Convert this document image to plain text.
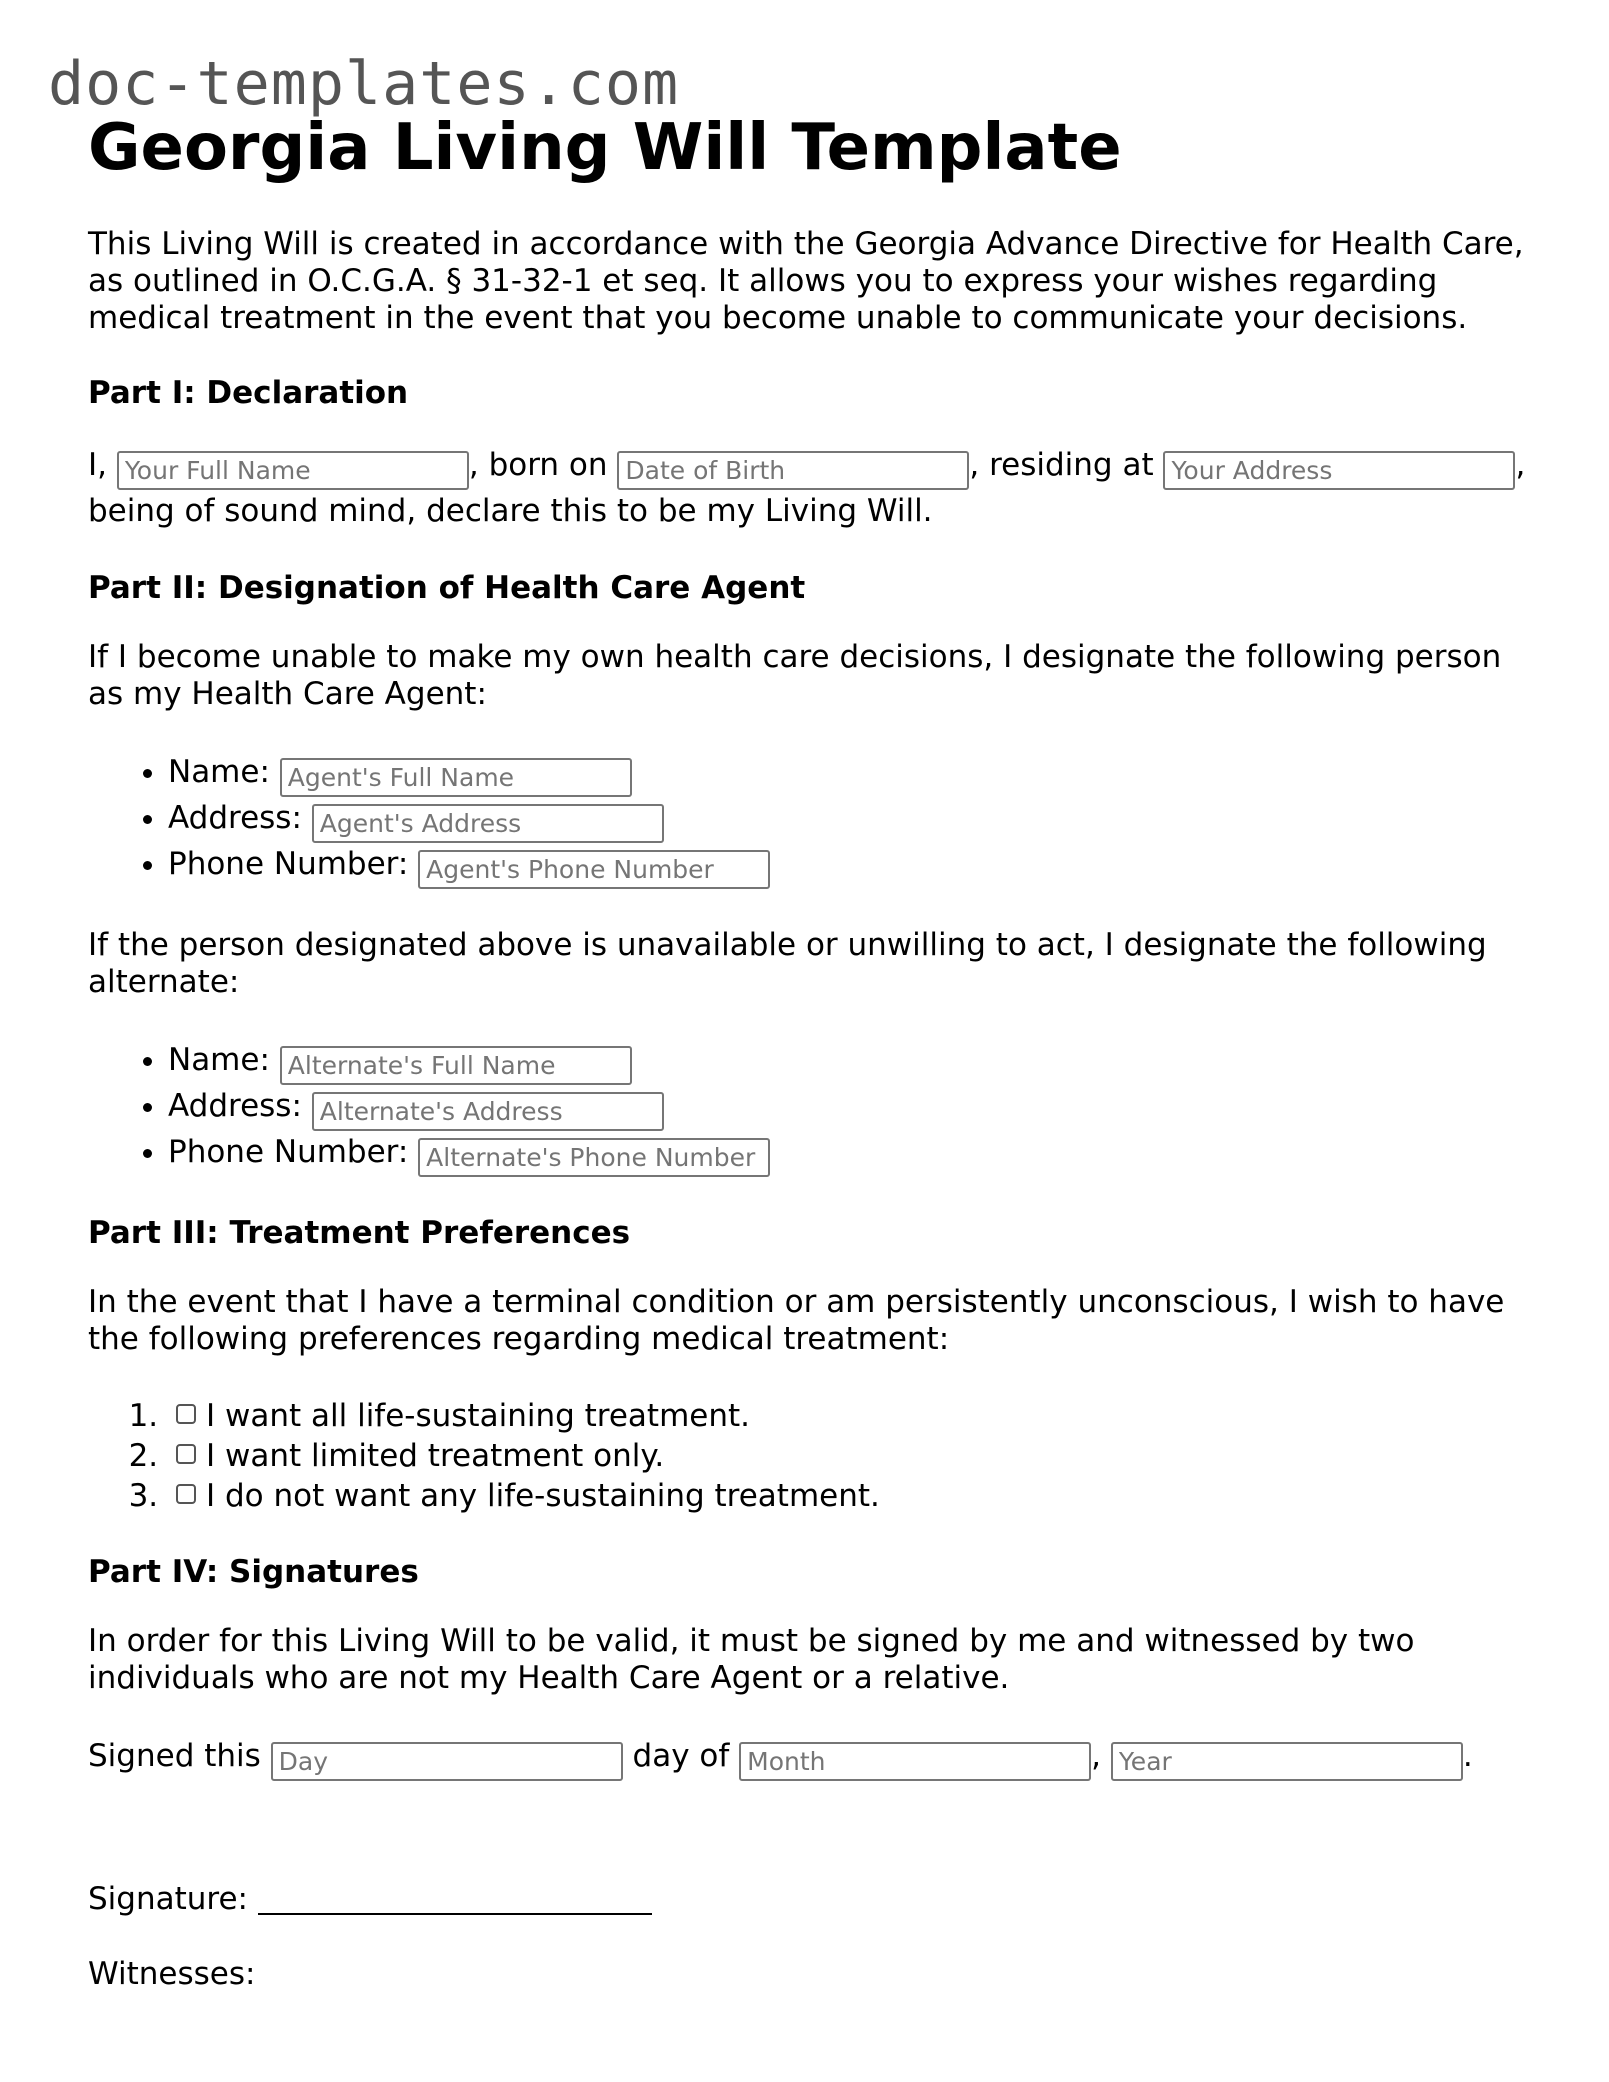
doc-templates.com
Georgia Living Will Template

This Living Will is created in accordance with the Georgia Advance Directive for Health Care, as outlined in O.C.G.A. § 31-32-1 et seq. It allows you to express your wishes regarding medical treatment in the event that you become unable to communicate your decisions.

Part I: Declaration

I, Your Full Name	, born on Date of Birth	, residing at Your Address	, being of sound mind, declare this to be my Living Will.

Part II: Designation of Health Care Agent

If I become unable to make my own health care decisions, I designate the following person as my Health Care Agent:

• Name: Agent's Full Name
• Address: Agent's Address
• Phone Number: Agent's Phone Number

If the person designated above is unavailable or unwilling to act, I designate the following alternate:

• Name: Alternate's Full Name
• Address: Alternate's Address
• Phone Number: Alternate's Phone Number
Part III: Treatment Preferences

In the event that I have a terminal condition or am persistently unconscious, I wish to have the following preferences regarding medical treatment:

1. I want all life-sustaining treatment.
2. I want limited treatment only.
3. I do not want any life-sustaining treatment.
Part IV: Signatures

In order for this Living Will to be valid, it must be signed by me and witnessed by two individuals who are not my Health Care Agent or a relative.

Signed this Day	day of Month	, Year	.

Signature:

Witnesses:
